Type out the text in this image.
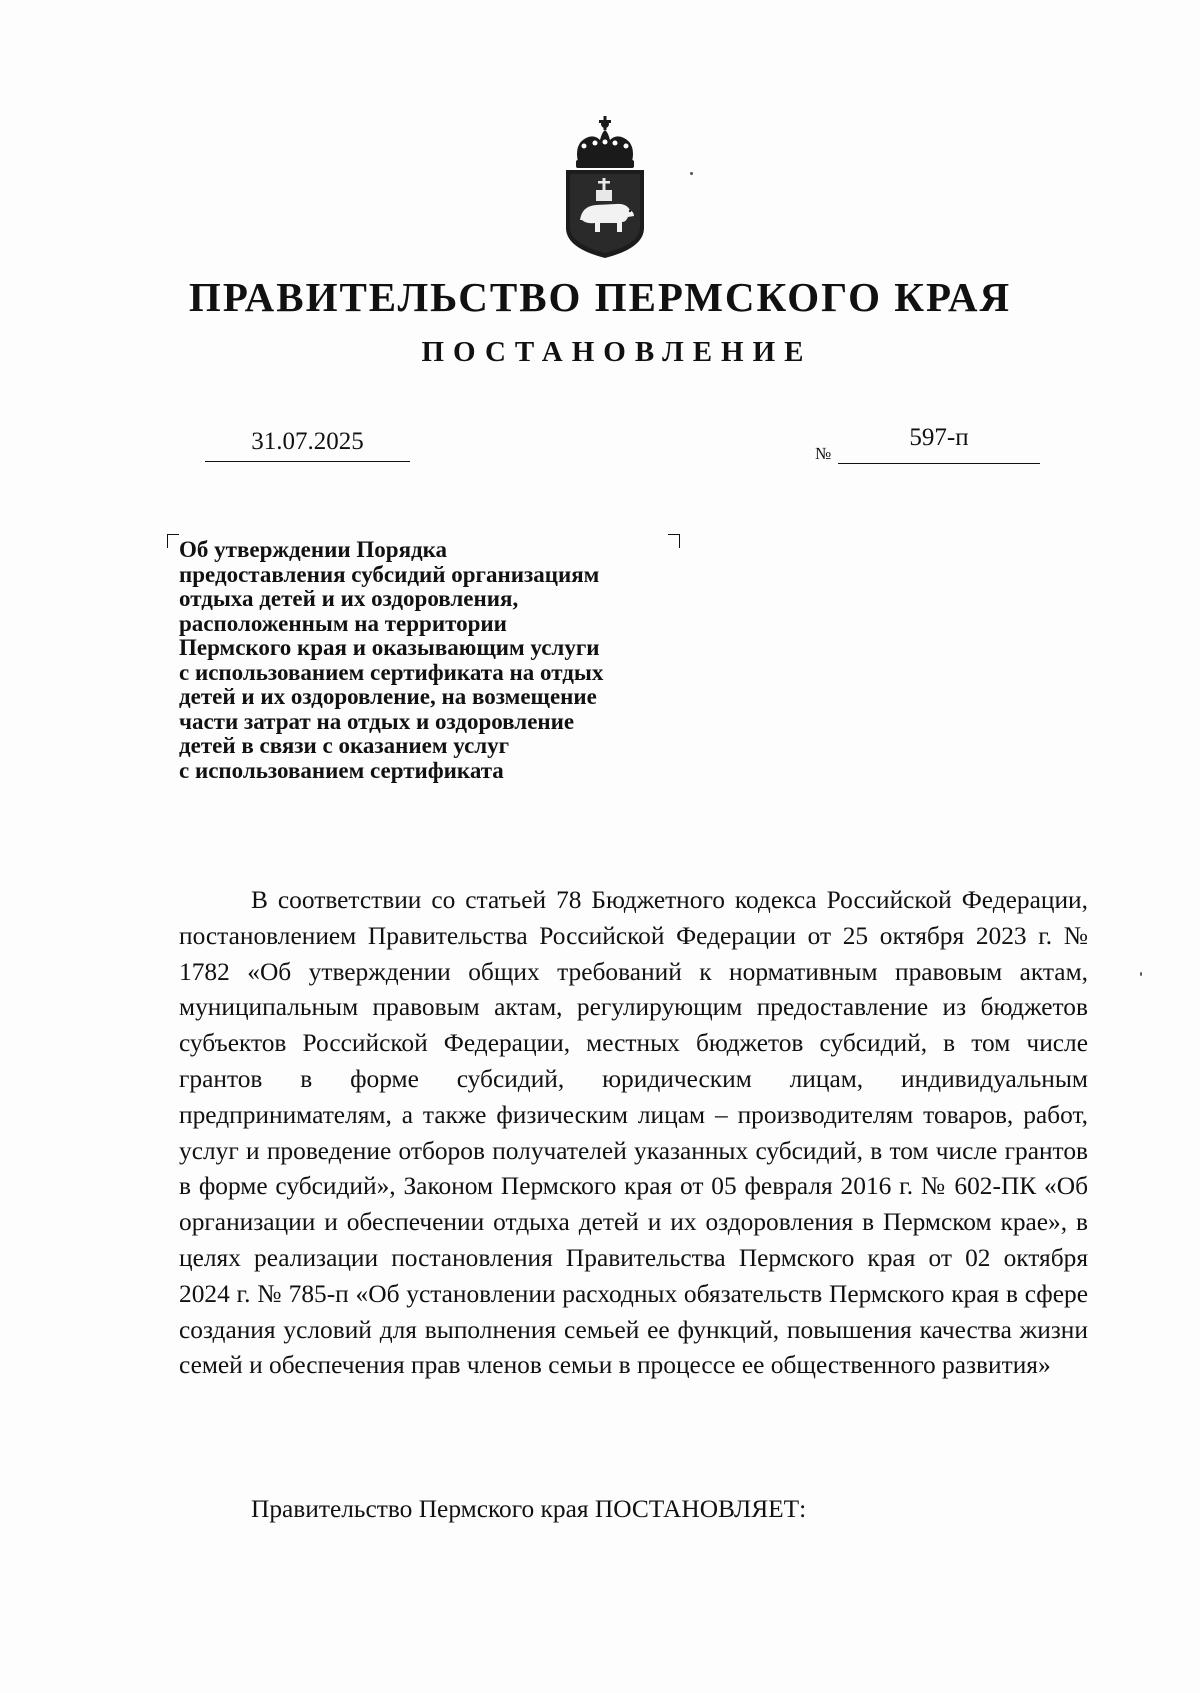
ПРАВИТЕЛЬСТВО ПЕРМСКОГО КРАЯ
ПОСТАНОВЛЕНИЕ
31.07.2025	№
597-п

Об утверждении Порядка
предоставления субсидий организациям
отдыха детей и их оздоровления,
расположенным на территории
Пермского края и оказывающим услуги
с использованием сертификата на отдых
детей и их оздоровление, на возмещение
части затрат на отдых и оздоровление
детей в связи с оказанием услуг
с использованием сертификата

В соответствии со статьей 78 Бюджетного кодекса Российской Федерации, постановлением Правительства Российской Федерации от 25 октября 2023 г. № 1782 «Об утверждении общих требований к нормативным правовым актам, муниципальным правовым актам, регулирующим предоставление из бюджетов субъектов Российской Федерации, местных бюджетов субсидий, в том числе грантов в форме субсидий, юридическим лицам, индивидуальным предпринимателям, а также физическим лицам – производителям товаров, работ, услуг и проведение отборов получателей указанных субсидий, в том числе грантов в форме субсидий», Законом Пермского края от 05 февраля 2016 г. № 602-ПК «Об организации и обеспечении отдыха детей и их оздоровления в Пермском крае», в целях реализации постановления Правительства Пермского края от 02 октября 2024 г. № 785-п «Об установлении расходных обязательств Пермского края в сфере создания условий для выполнения семьей ее функций, повышения качества жизни семей и обеспечения прав членов семьи в процессе ее общественного развития»

Правительство Пермского края ПОСТАНОВЛЯЕТ:
